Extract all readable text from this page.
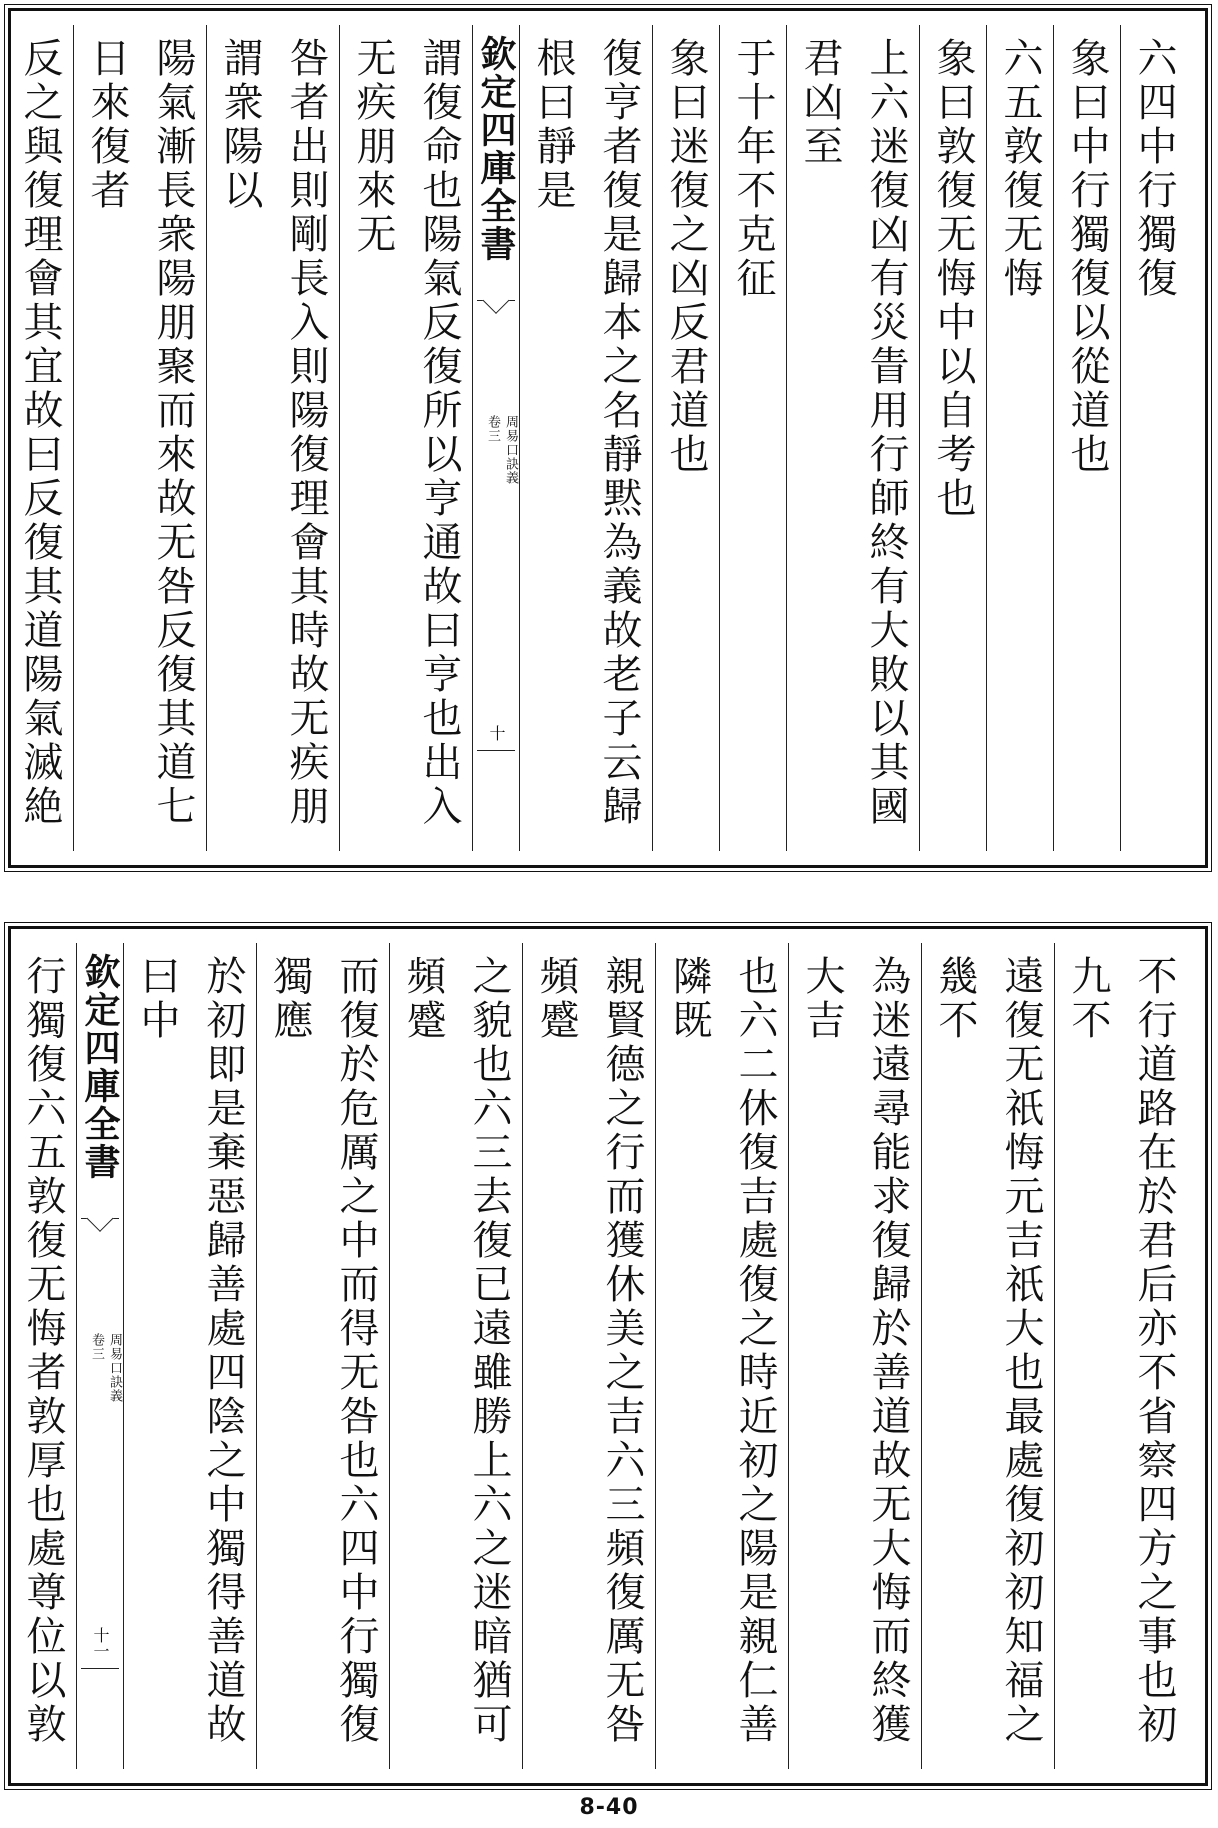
六四中行獨復
象曰中行獨復以從道也
六五敦復无悔
象曰敦復无悔中以自考也
上六迷復凶有災眚用行師終有大敗以其國君凶至
于十年不克征
象曰迷復之凶反君道也
復亨者復是歸本之名靜黙為義故老子云歸根曰靜是
欽定四庫全書
周易口訣義
卷三
十
謂復命也陽氣反復所以亨通故曰亨也出入无疾朋來无
咎者出則剛長入則陽復理會其時故无疾朋謂衆陽以
陽氣漸長衆陽朋聚而來故无咎反復其道七日來復者
反之與復理會其宜故曰反復其道陽氣滅絶
不行道路在於君后亦不省察四方之事也初九不
遠復无祇悔元吉祇大也最處復初初知福之㡬不
為迷遠尋能求復歸於善道故无大悔而終獲大吉
也六二休復吉處復之時近初之陽是親仁善隣既
親賢德之行而獲休美之吉六三頻復厲无咎頻蹙
之貌也六三去復已遠雖勝上六之迷暗猶可頻蹙
而復於危厲之中而得无咎也六四中行獨復獨應
於初即是棄惡歸善處四陰之中獨得善道故曰中
欽定四庫全書
周易口訣義
卷三
十一
行獨復六五敦復无悔者敦厚也處尊位以敦
8-40
